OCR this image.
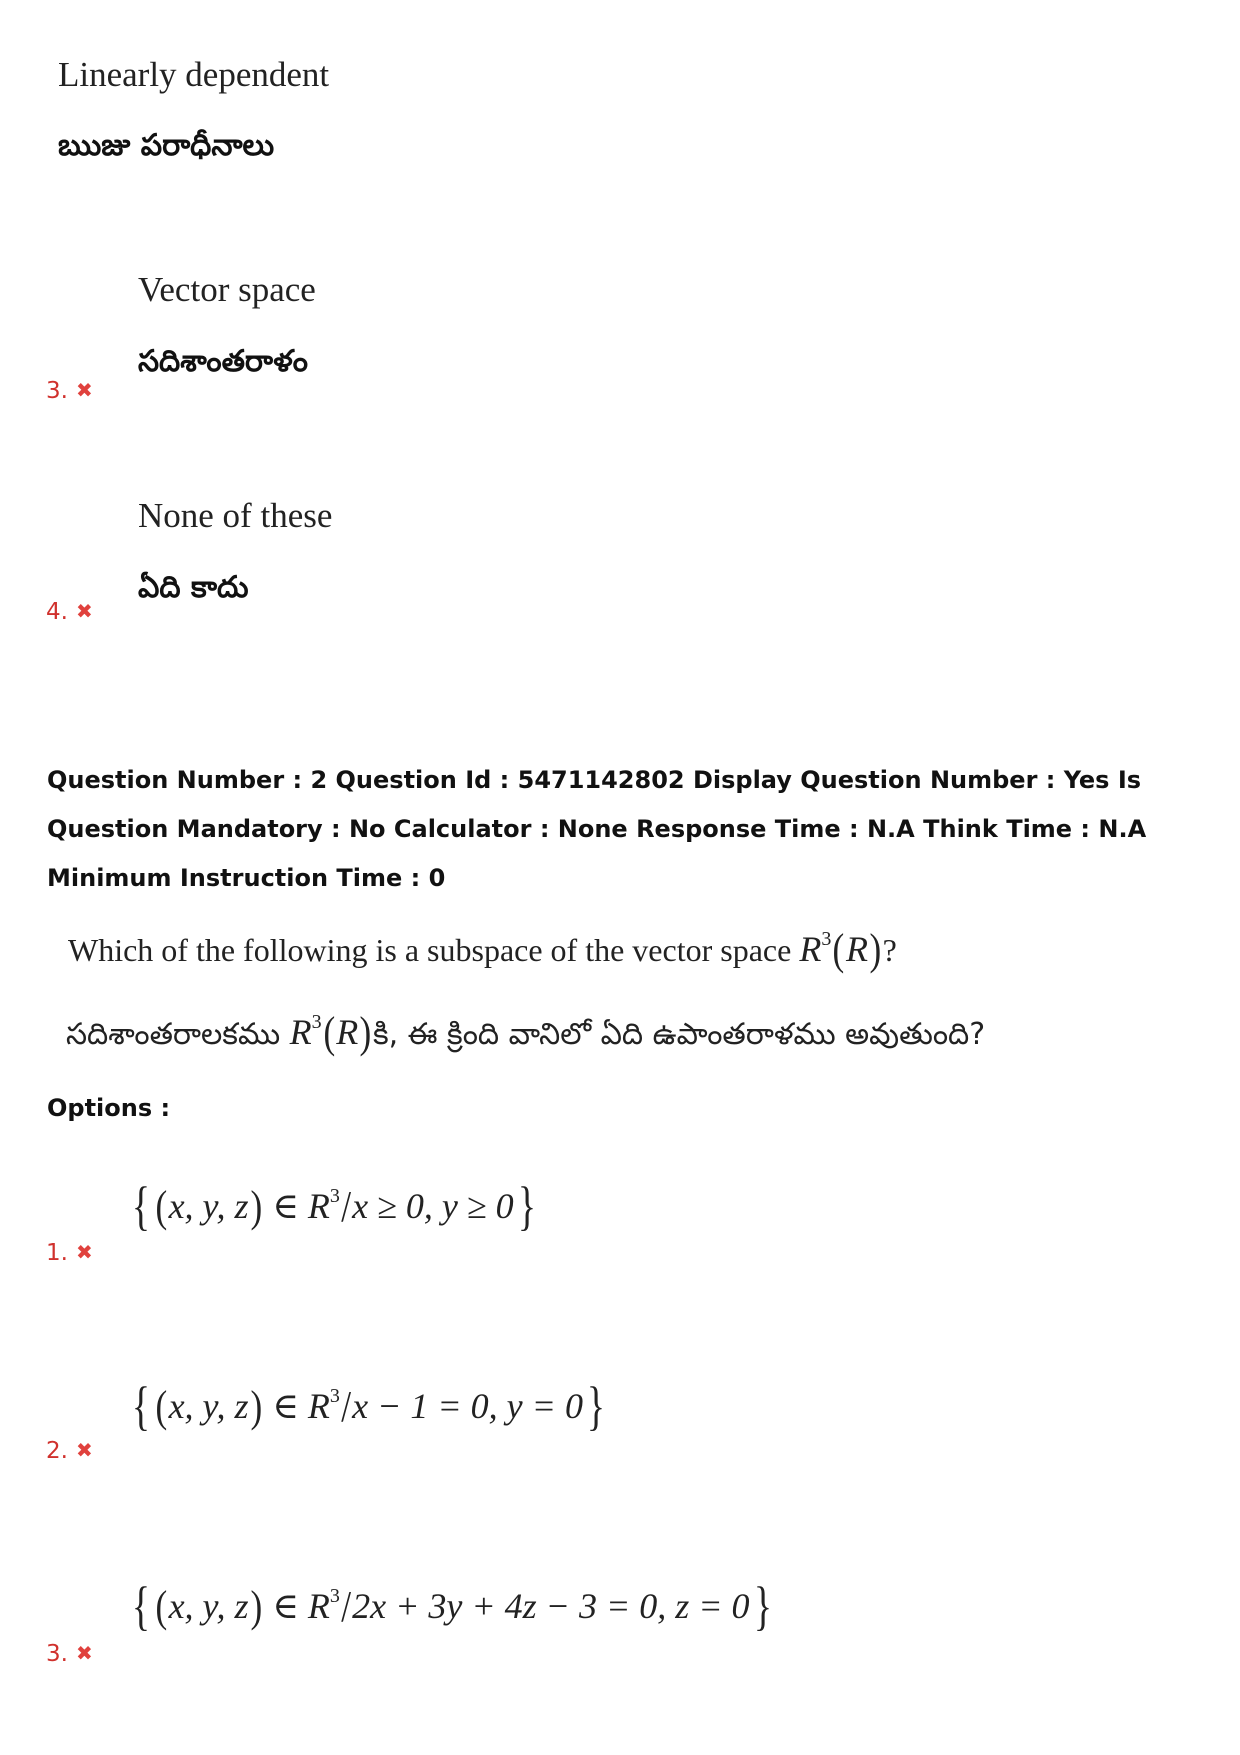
Linearly dependent
ఋజు పరాధీనాలు
Vector space
సదిశాంతరాళం
3. ✖
None of these
ఏది కాదు
4. ✖
Question Number : 2 Question Id : 5471142802 Display Question Number : Yes Is Question Mandatory : No Calculator : None Response Time : N.A Think Time : N.A Minimum Instruction Time : 0
Which of the following is a subspace of the vector space $R^3(R)$?
సదిశాంతరాలకము $R^3(R)కి$, ఈ క్రింది వానిలో ఏది ఉపాంతరాళము అవుతుంది?
Options :
{ (x, y, z) ∈ $R^3/x \ge 0$, y ≥ 0}
1. ✖
{ (x, y, z) ∈ $R^3/x - 1 = 0$, y = 0}
2. ✖
{ (x, y, z) ∈ $R^3/2x + 3y + 4z - 3 = 0$, z = 0}
3. ✖
